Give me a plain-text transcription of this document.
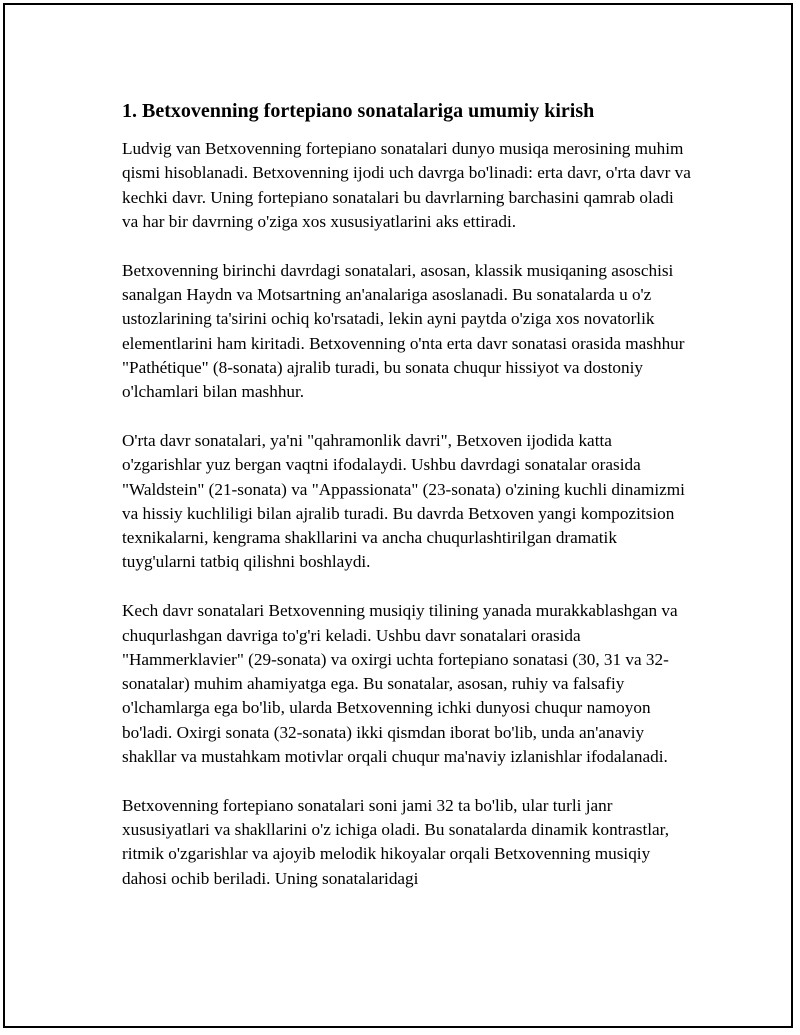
1. Betxovenning fortepiano sonatalariga umumiy kirish

Ludvig van Betxovenning fortepiano sonatalari dunyo musiqa merosining muhim qismi hisoblanadi. Betxovenning ijodi uch davrga bo'linadi: erta davr, o'rta davr va kechki davr. Uning fortepiano sonatalari bu davrlarning barchasini qamrab oladi va har bir davrning o'ziga xos xususiyatlarini aks ettiradi.

Betxovenning birinchi davrdagi sonatalari, asosan, klassik musiqaning asoschisi sanalgan Haydn va Motsartning an'analariga asoslanadi. Bu sonatalarda u o'z ustozlarining ta'sirini ochiq ko'rsatadi, lekin ayni paytda o'ziga xos novatorlik elementlarini ham kiritadi. Betxovenning o'nta erta davr sonatasi orasida mashhur "Pathétique" (8-sonata) ajralib turadi, bu sonata chuqur hissiyot va dostoniy o'lchamlari bilan mashhur.

O'rta davr sonatalari, ya'ni "qahramonlik davri", Betxoven ijodida katta o'zgarishlar yuz bergan vaqtni ifodalaydi. Ushbu davrdagi sonatalar orasida "Waldstein" (21-sonata) va "Appassionata" (23-sonata) o'zining kuchli dinamizmi va hissiy kuchliligi bilan ajralib turadi. Bu davrda Betxoven yangi kompozitsion texnikalarni, kengrama shakllarini va ancha chuqurlashtirilgan dramatik tuyg'ularni tatbiq qilishni boshlaydi.

Kech davr sonatalari Betxovenning musiqiy tilining yanada murakkablashgan va chuqurlashgan davriga to'g'ri keladi. Ushbu davr sonatalari orasida "Hammerklavier" (29-sonata) va oxirgi uchta fortepiano sonatasi (30, 31 va 32-sonatalar) muhim ahamiyatga ega. Bu sonatalar, asosan, ruhiy va falsafiy o'lchamlarga ega bo'lib, ularda Betxovenning ichki dunyosi chuqur namoyon bo'ladi. Oxirgi sonata (32-sonata) ikki qismdan iborat bo'lib, unda an'anaviy shakllar va mustahkam motivlar orqali chuqur ma'naviy izlanishlar ifodalanadi.

Betxovenning fortepiano sonatalari soni jami 32 ta bo'lib, ular turli janr xususiyatlari va shakllarini o'z ichiga oladi. Bu sonatalarda dinamik kontrastlar, ritmik o'zgarishlar va ajoyib melodik hikoyalar orqali Betxovenning musiqiy dahosi ochib beriladi. Uning sonatalaridagi
